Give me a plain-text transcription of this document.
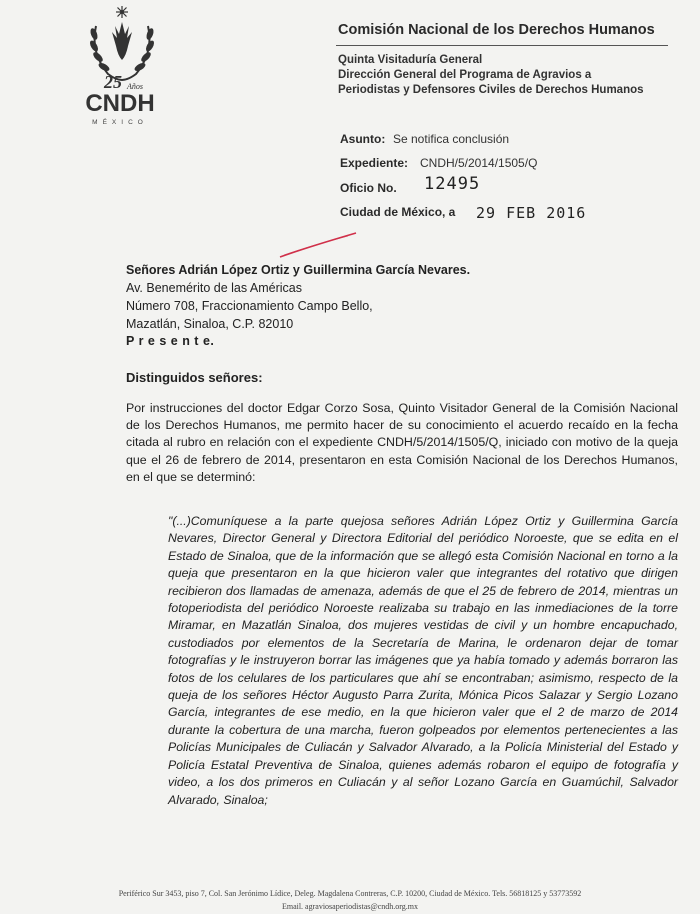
25 Años
CNDH
MÉXICO
Comisión Nacional de los Derechos Humanos
Quinta Visitaduría General
Dirección General del Programa de Agravios a
Periodistas y Defensores Civiles de Derechos Humanos
Asunto: Se notifica conclusión
Expediente: CNDH/5/2014/1505/Q
Oficio No. 12495
Ciudad de México, a 29 FEB 2016
Señores Adrián López Ortiz y Guillermina García Nevares.
Av. Benemérito de las Américas
Número 708, Fraccionamiento Campo Bello,
Mazatlán, Sinaloa, C.P. 82010
P r e s e n t e.
Distinguidos señores:
Por instrucciones del doctor Edgar Corzo Sosa, Quinto Visitador General de la Comisión Nacional de los Derechos Humanos, me permito hacer de su conocimiento el acuerdo recaído en la fecha citada al rubro en relación con el expediente CNDH/5/2014/1505/Q, iniciado con motivo de la queja que el 26 de febrero de 2014, presentaron en esta Comisión Nacional de los Derechos Humanos, en el que se determinó:
"(...)Comuníquese a la parte quejosa señores Adrián López Ortiz y Guillermina García Nevares, Director General y Directora Editorial del periódico Noroeste, que se edita en el Estado de Sinaloa, que de la información que se allegó esta Comisión Nacional en torno a la queja que presentaron en la que hicieron valer que integrantes del rotativo que dirigen recibieron dos llamadas de amenaza, además de que el 25 de febrero de 2014, mientras un fotoperiodista del periódico Noroeste realizaba su trabajo en las inmediaciones de la torre Miramar, en Mazatlán Sinaloa, dos mujeres vestidas de civil y un hombre encapuchado, custodiados por elementos de la Secretaría de Marina, le ordenaron dejar de tomar fotografías y le instruyeron borrar las imágenes que ya había tomado y además borraron las fotos de los celulares de los particulares que ahí se encontraban; asimismo, respecto de la queja de los señores Héctor Augusto Parra Zurita, Mónica Picos Salazar y Sergio Lozano García, integrantes de ese medio, en la que hicieron valer que el 2 de marzo de 2014 durante la cobertura de una marcha, fueron golpeados por elementos pertenecientes a las Policías Municipales de Culiacán y Salvador Alvarado, a la Policía Ministerial del Estado y Policía Estatal Preventiva de Sinaloa, quienes además robaron el equipo de fotografía y video, a los dos primeros en Culiacán y al señor Lozano García en Guamúchil, Salvador Alvarado, Sinaloa;
Periférico Sur 3453, piso 7, Col. San Jerónimo Lídice, Deleg. Magdalena Contreras, C.P. 10200, Ciudad de México. Tels. 56818125 y 53773592
Email. agraviosaperiodistas@cndh.org.mx
